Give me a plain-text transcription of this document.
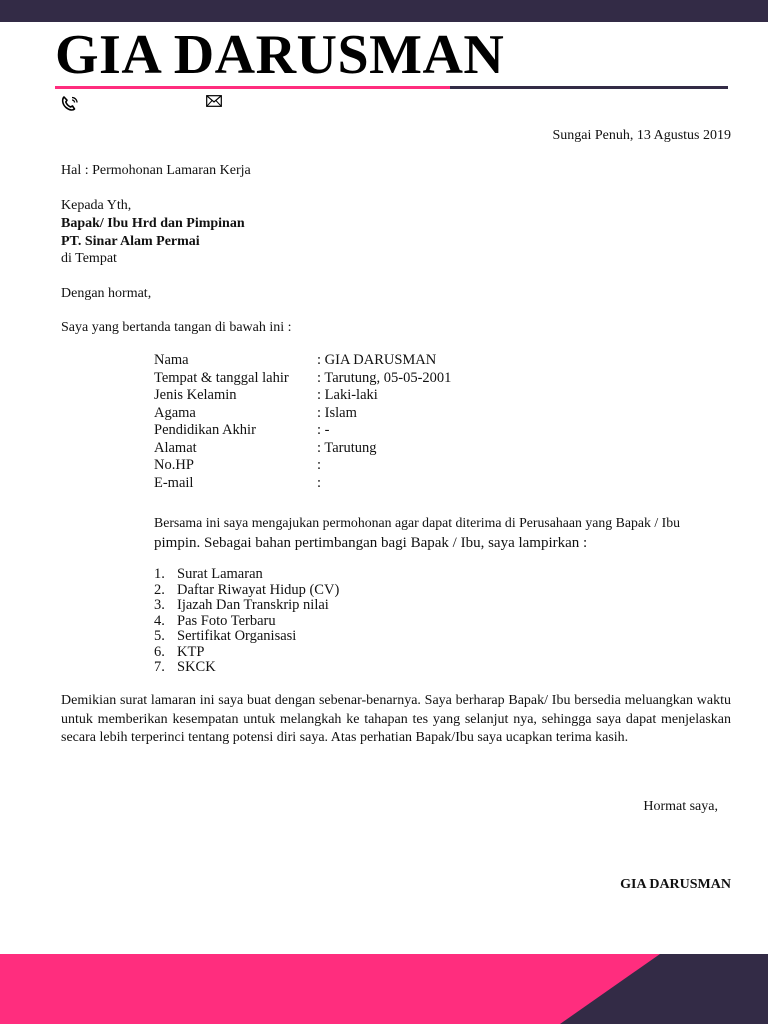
GIA DARUSMAN

Sungai Penuh, 13 Agustus 2019

Hal : Permohonan Lamaran Kerja

Kepada Yth,

Bapak/ Ibu Hrd dan Pimpinan

PT. Sinar Alam Permai

di Tempat

Dengan hormat,

Saya yang bertanda tangan di bawah ini :

Nama	: GIA DARUSMAN
Tempat & tanggal lahir : Tarutung, 05-05-2001
Jenis Kelamin	: Laki-laki
Agama	: Islam
Pendidikan Akhir	: -
Alamat	: Tarutung
No.HP	:
E-mail	:

Bersama ini saya mengajukan permohonan agar dapat diterima di Perusahaan yang Bapak / Ibu
pimpin. Sebagai bahan pertimbangan bagi Bapak / Ibu, saya lampirkan :

1. Surat Lamaran
2. Daftar Riwayat Hidup (CV)
3. Ijazah Dan Transkrip nilai
4. Pas Foto Terbaru
5. Sertifikat Organisasi
6. KTP
7. SKCK

Demikian surat lamaran ini saya buat dengan sebenar-benarnya. Saya berharap Bapak/ Ibu bersedia meluangkan waktu untuk memberikan kesempatan untuk melangkah ke tahapan tes yang selanjut nya, sehingga saya dapat menjelaskan secara lebih terperinci tentang potensi diri saya. Atas perhatian Bapak/Ibu saya ucapkan terima kasih.

Hormat saya,

GIA DARUSMAN
